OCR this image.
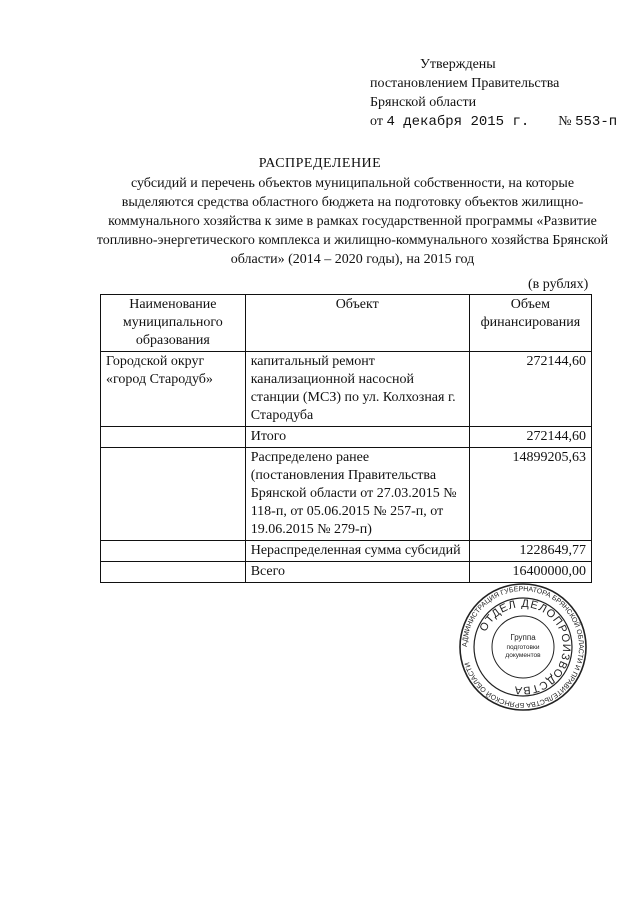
Утверждены
постановлением Правительства
Брянской области
от 4 декабря 2015 г. № 553-п
РАСПРЕДЕЛЕНИЕ
субсидий и перечень объектов муниципальной собственности, на которые выделяются средства областного бюджета на подготовку объектов жилищно-коммунального хозяйства к зиме в рамках государственной программы «Развитие топливно-энергетического комплекса и жилищно-коммунального хозяйства Брянской области» (2014 – 2020 годы), на 2015 год
(в рублях)
Наименование муниципального образования	Объект	Объем финансирования
Городской округ «город Стародуб»	капитальный ремонт канализационной насосной станции (МСЗ) по ул. Колхозная г. Стародуба	272144,60
	Итого	272144,60
	Распределено ранее (постановления Правительства Брянской области от 27.03.2015 № 118-п, от 05.06.2015 № 257-п, от 19.06.2015 № 279-п)	14899205,63
	Нераспределенная сумма субсидий	1228649,77
	Всего	16400000,00
АДМИНИСТРАЦИЯ ГУБЕРНАТОРА БРЯНСКОЙ ОБЛАСТИ И ПРАВИТЕЛЬСТВА БРЯНСКОЙ ОБЛАСТИ
ОТДЕЛ ДЕЛОПРОИЗВОДСТВА
Группа
подготовки
документов
